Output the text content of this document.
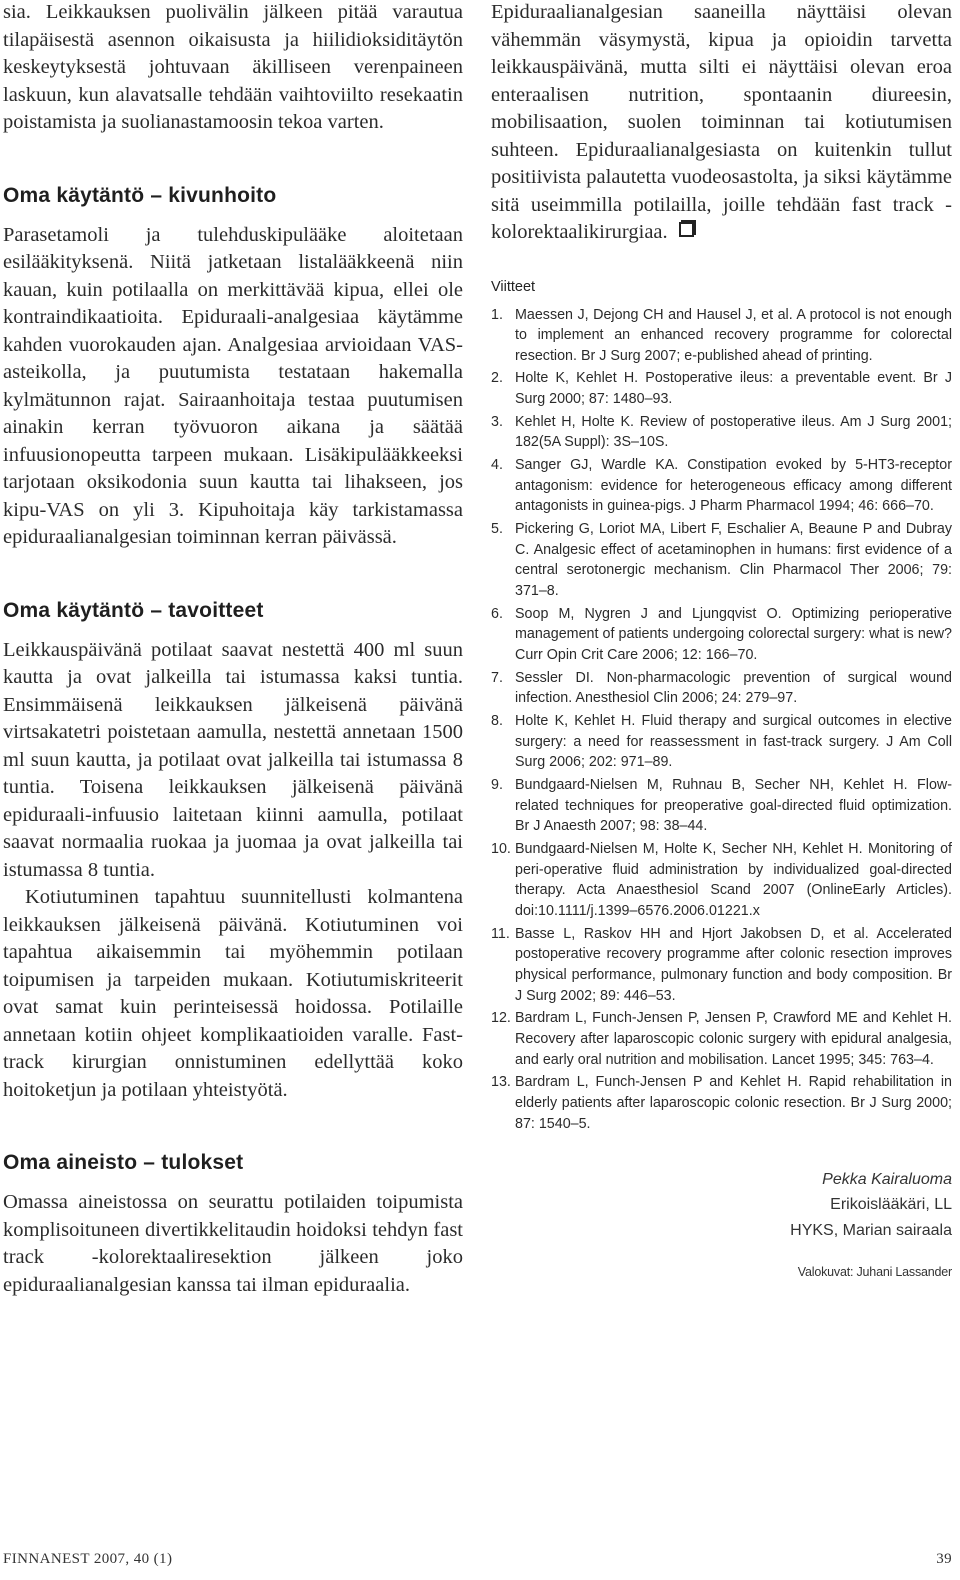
sia. Leikkauksen puolivälin jälkeen pitää varautua tilapäisestä asennon oikaisusta ja hiilidioksiditäytön keskeytyksestä johtuvaan äkilliseen verenpaineen laskuun, kun alavatsalle tehdään vaihtoviilto resekaatin poistamista ja suolianastamoosin tekoa varten.

Oma käytäntö – kivunhoito

Parasetamoli ja tulehduskipulääke aloitetaan esilääkityksenä. Niitä jatketaan listalääkkeenä niin kauan, kuin potilaalla on merkittävää kipua, ellei ole kontraindikaatioita. Epiduraali-analgesiaa käytämme kahden vuorokauden ajan. Analgesiaa arvioidaan VAS-asteikolla, ja puutumista testataan hakemalla kylmätunnon rajat. Sairaanhoitaja testaa puutumisen ainakin kerran työvuoron aikana ja säätää infuusionopeutta tarpeen mukaan. Lisäkipulääkkeeksi tarjotaan oksikodonia suun kautta tai lihakseen, jos kipu-VAS on yli 3. Kipuhoitaja käy tarkistamassa epiduraalianalgesian toiminnan kerran päivässä.

Oma käytäntö – tavoitteet

Leikkauspäivänä potilaat saavat nestettä 400 ml suun kautta ja ovat jalkeilla tai istumassa kaksi tuntia. Ensimmäisenä leikkauksen jälkeisenä päivänä virtsakatetri poistetaan aamulla, nestettä annetaan 1500 ml suun kautta, ja potilaat ovat jalkeilla tai istumassa 8 tuntia. Toisena leikkauksen jälkeisenä päivänä epiduraali-infuusio laitetaan kiinni aamulla, potilaat saavat normaalia ruokaa ja juomaa ja ovat jalkeilla tai istumassa 8 tuntia.

Kotiutuminen tapahtuu suunnitellusti kolmantena leikkauksen jälkeisenä päivänä. Kotiutuminen voi tapahtua aikaisemmin tai myöhemmin potilaan toipumisen ja tarpeiden mukaan. Kotiutumiskriteerit ovat samat kuin perinteisessä hoidossa. Potilaille annetaan kotiin ohjeet komplikaatioiden varalle. Fast-track kirurgian onnistuminen edellyttää koko hoitoketjun ja potilaan yhteistyötä.

Oma aineisto – tulokset

Omassa aineistossa on seurattu potilaiden toipumista komplisoituneen divertikkelitaudin hoidoksi tehdyn fast track -kolorektaaliresektion jälkeen joko epiduraalianalgesian kanssa tai ilman epiduraalia.

Epiduraalianalgesian saaneilla näyttäisi olevan vähemmän väsymystä, kipua ja opioidin tarvetta leikkauspäivänä, mutta silti ei näyttäisi olevan eroa enteraalisen nutrition, spontaanin diureesin, mobilisaation, suolen toiminnan tai kotiutumisen suhteen. Epiduraalianalgesiasta on kuitenkin tullut positiivista palautetta vuodeosastolta, ja siksi käytämme sitä useimmilla potilailla, joille tehdään fast track -kolorektaalikirurgiaa.

Viitteet
1. Maessen J, Dejong CH and Hausel J, et al. A protocol is not enough to implement an enhanced recovery programme for colorectal resection. Br J Surg 2007; e-published ahead of printing.
2. Holte K, Kehlet H. Postoperative ileus: a preventable event. Br J Surg 2000; 87: 1480–93.
3. Kehlet H, Holte K. Review of postoperative ileus. Am J Surg 2001; 182(5A Suppl): 3S–10S.
4. Sanger GJ, Wardle KA. Constipation evoked by 5-HT3-receptor antagonism: evidence for heterogeneous efficacy among different antagonists in guinea-pigs. J Pharm Pharmacol 1994; 46: 666–70.
5. Pickering G, Loriot MA, Libert F, Eschalier A, Beaune P and Dubray C. Analgesic effect of acetaminophen in humans: first evidence of a central serotonergic mechanism. Clin Pharmacol Ther 2006; 79: 371–8.
6. Soop M, Nygren J and Ljungqvist O. Optimizing perioperative management of patients undergoing colorectal surgery: what is new? Curr Opin Crit Care 2006; 12: 166–70.
7. Sessler DI. Non-pharmacologic prevention of surgical wound infection. Anesthesiol Clin 2006; 24: 279–97.
8. Holte K, Kehlet H. Fluid therapy and surgical outcomes in elective surgery: a need for reassessment in fast-track surgery. J Am Coll Surg 2006; 202: 971–89.
9. Bundgaard-Nielsen M, Ruhnau B, Secher NH, Kehlet H. Flow-related techniques for preoperative goal-directed fluid optimization. Br J Anaesth 2007; 98: 38–44.
10. Bundgaard-Nielsen M, Holte K, Secher NH, Kehlet H. Monitoring of peri-operative fluid administration by individualized goal-directed therapy. Acta Anaesthesiol Scand 2007 (OnlineEarly Articles). doi:10.1111/j.1399–6576.2006.01221.x
11. Basse L, Raskov HH and Hjort Jakobsen D, et al. Accelerated postoperative recovery programme after colonic resection improves physical performance, pulmonary function and body composition. Br J Surg 2002; 89: 446–53.
12. Bardram L, Funch-Jensen P, Jensen P, Crawford ME and Kehlet H. Recovery after laparoscopic colonic surgery with epidural analgesia, and early oral nutrition and mobilisation. Lancet 1995; 345: 763–4.
13. Bardram L, Funch-Jensen P and Kehlet H. Rapid rehabilitation in elderly patients after laparoscopic colonic resection. Br J Surg 2000; 87: 1540–5.
Pekka Kairaluoma
Erikoislääkäri, LL
HYKS, Marian sairaala
Valokuvat: Juhani Lassander
FINNANEST 2007, 40 (1)	39
